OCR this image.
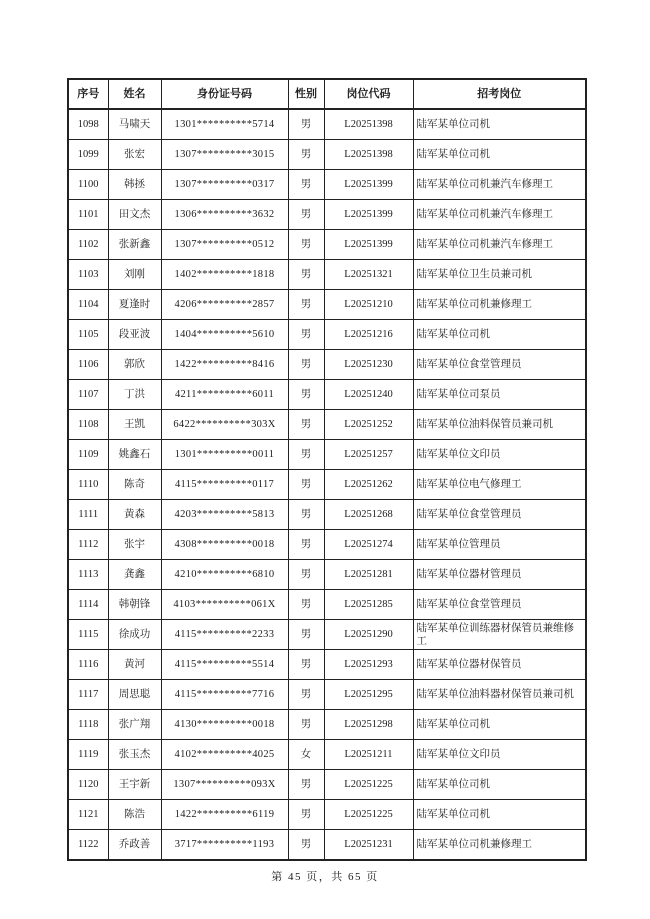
序号	姓名	身份证号码	性别	岗位代码	招考岗位
1098	马啸天	1301**********5714	男	L20251398	陆军某单位司机
1099	张宏	1307**********3015	男	L20251398	陆军某单位司机
1100	韩拯	1307**********0317	男	L20251399	陆军某单位司机兼汽车修理工
1101	田文杰	1306**********3632	男	L20251399	陆军某单位司机兼汽车修理工
1102	张新鑫	1307**********0512	男	L20251399	陆军某单位司机兼汽车修理工
1103	刘刚	1402**********1818	男	L20251321	陆军某单位卫生员兼司机
1104	夏逢时	4206**********2857	男	L20251210	陆军某单位司机兼修理工
1105	段亚波	1404**********5610	男	L20251216	陆军某单位司机
1106	郭欣	1422**********8416	男	L20251230	陆军某单位食堂管理员
1107	丁洪	4211**********6011	男	L20251240	陆军某单位司泵员
1108	王凯	6422**********303X	男	L20251252	陆军某单位油料保管员兼司机
1109	姚鑫石	1301**********0011	男	L20251257	陆军某单位文印员
1110	陈奇	4115**********0117	男	L20251262	陆军某单位电气修理工
1111	黄森	4203**********5813	男	L20251268	陆军某单位食堂管理员
1112	张宇	4308**********0018	男	L20251274	陆军某单位管理员
1113	龚鑫	4210**********6810	男	L20251281	陆军某单位器材管理员
1114	韩朝锋	4103**********061X	男	L20251285	陆军某单位食堂管理员
1115	徐成功	4115**********2233	男	L20251290	陆军某单位训练器材保管员兼维修工
1116	黄河	4115**********5514	男	L20251293	陆军某单位器材保管员
1117	周思聪	4115**********7716	男	L20251295	陆军某单位油料器材保管员兼司机
1118	张广翔	4130**********0018	男	L20251298	陆军某单位司机
1119	张玉杰	4102**********4025	女	L20251211	陆军某单位文印员
1120	王宇新	1307**********093X	男	L20251225	陆军某单位司机
1121	陈浩	1422**********6119	男	L20251225	陆军某单位司机
1122	乔政善	3717**********1193	男	L20251231	陆军某单位司机兼修理工
第 45 页，共 65 页
